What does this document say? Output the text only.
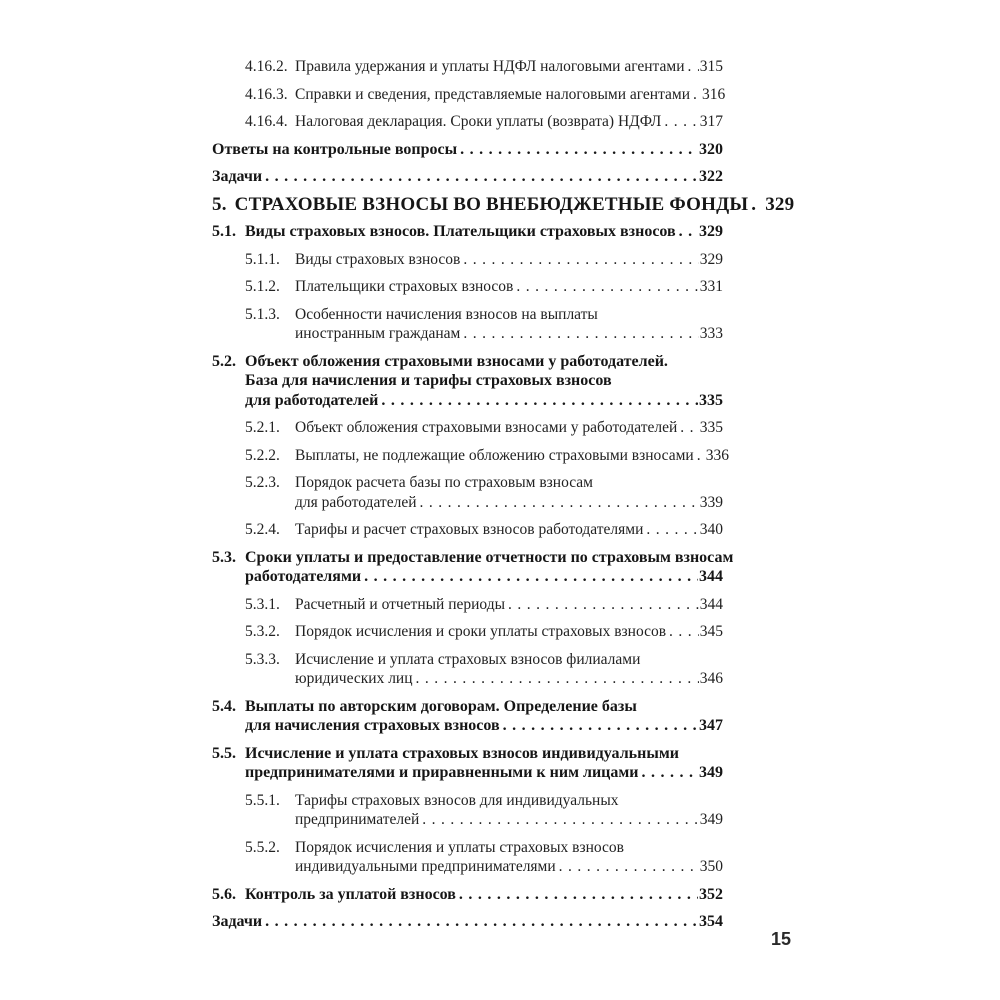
4.16.2. Правила удержания и уплаты НДФЛ налоговыми агентами ..... 315
4.16.3. Справки и сведения, представляемые налоговыми агентами ..... 316
4.16.4. Налоговая декларация. Сроки уплаты (возврата) НДФЛ ..... 317
Ответы на контрольные вопросы .....	320
Задачи .....	322
5. СТРАХОВЫЕ ВЗНОСЫ ВО ВНЕБЮДЖЕТНЫЕ ФОНДЫ ..... 329
5.1. Виды страховых взносов. Плательщики страховых взносов ..... 329
5.1.1. Виды страховых взносов .....	329
5.1.2. Плательщики страховых взносов .....	331
5.1.3. Особенности начисления взносов на выплаты
иностранным гражданам .....	333
5.2. Объект обложения страховыми взносами у работодателей.
База для начисления и тарифы страховых взносов
для работодателей .....	335
5.2.1. Объект обложения страховыми взносами у работодателей ..... 335
5.2.2. Выплаты, не подлежащие обложению страховыми взносами ..... 336
5.2.3. Порядок расчета базы по страховым взносам
для работодателей .....	339
5.2.4. Тарифы и расчет страховых взносов работодателями .....	340
5.3. Сроки уплаты и предоставление отчетности по страховым взносам
работодателями .....	344
5.3.1. Расчетный и отчетный периоды .....	344
5.3.2. Порядок исчисления и сроки уплаты страховых взносов ..... 345
5.3.3. Исчисление и уплата страховых взносов филиалами
юридических лиц .....	346
5.4. Выплаты по авторским договорам. Определение базы
для начисления страховых взносов .....	347
5.5. Исчисление и уплата страховых взносов индивидуальными
предпринимателями и приравненными к ним лицами .....	349
5.5.1. Тарифы страховых взносов для индивидуальных
предпринимателей .....	349
5.5.2. Порядок исчисления и уплаты страховых взносов
индивидуальными предпринимателями .....	350
5.6. Контроль за уплатой взносов .....	352
Задачи .....	354
15
